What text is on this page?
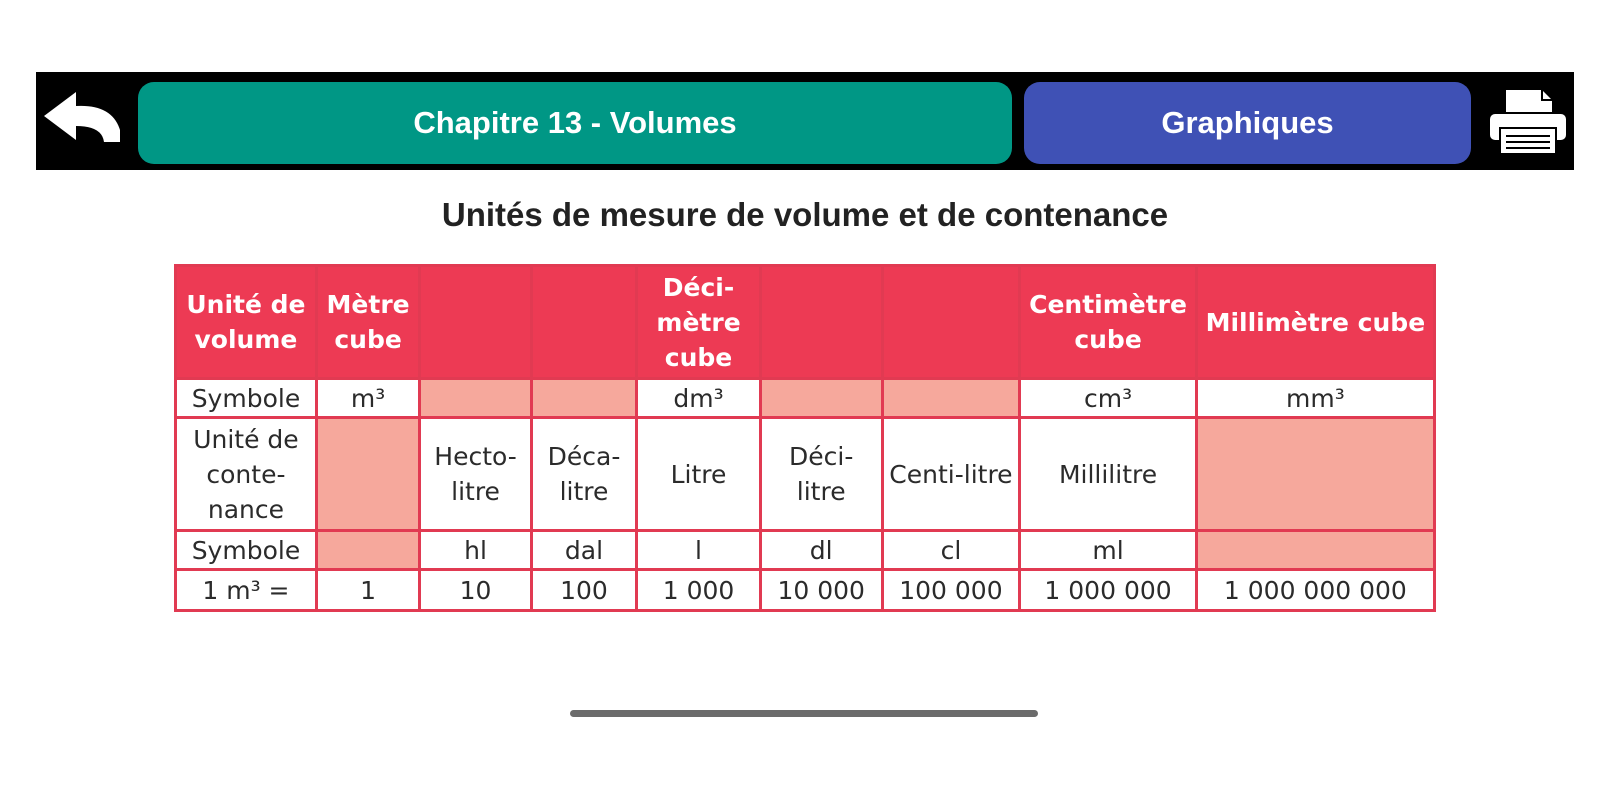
Chapitre 13 - Volumes	Graphiques
Unités de mesure de volume et de contenance
Unité de volume	Mètre cube			Déci-mètre cube			Centimètre cube	Millimètre cube
Symbole	m³			dm³			cm³	mm³
Unité de conte-nance		Hecto-litre	Déca-litre	Litre	Déci-litre	Centi-litre	Millilitre	
Symbole		hl	dal	l	dl	cl	ml	
1 m³ =	1	10	100	1 000	10 000	100 000	1 000 000	1 000 000 000
